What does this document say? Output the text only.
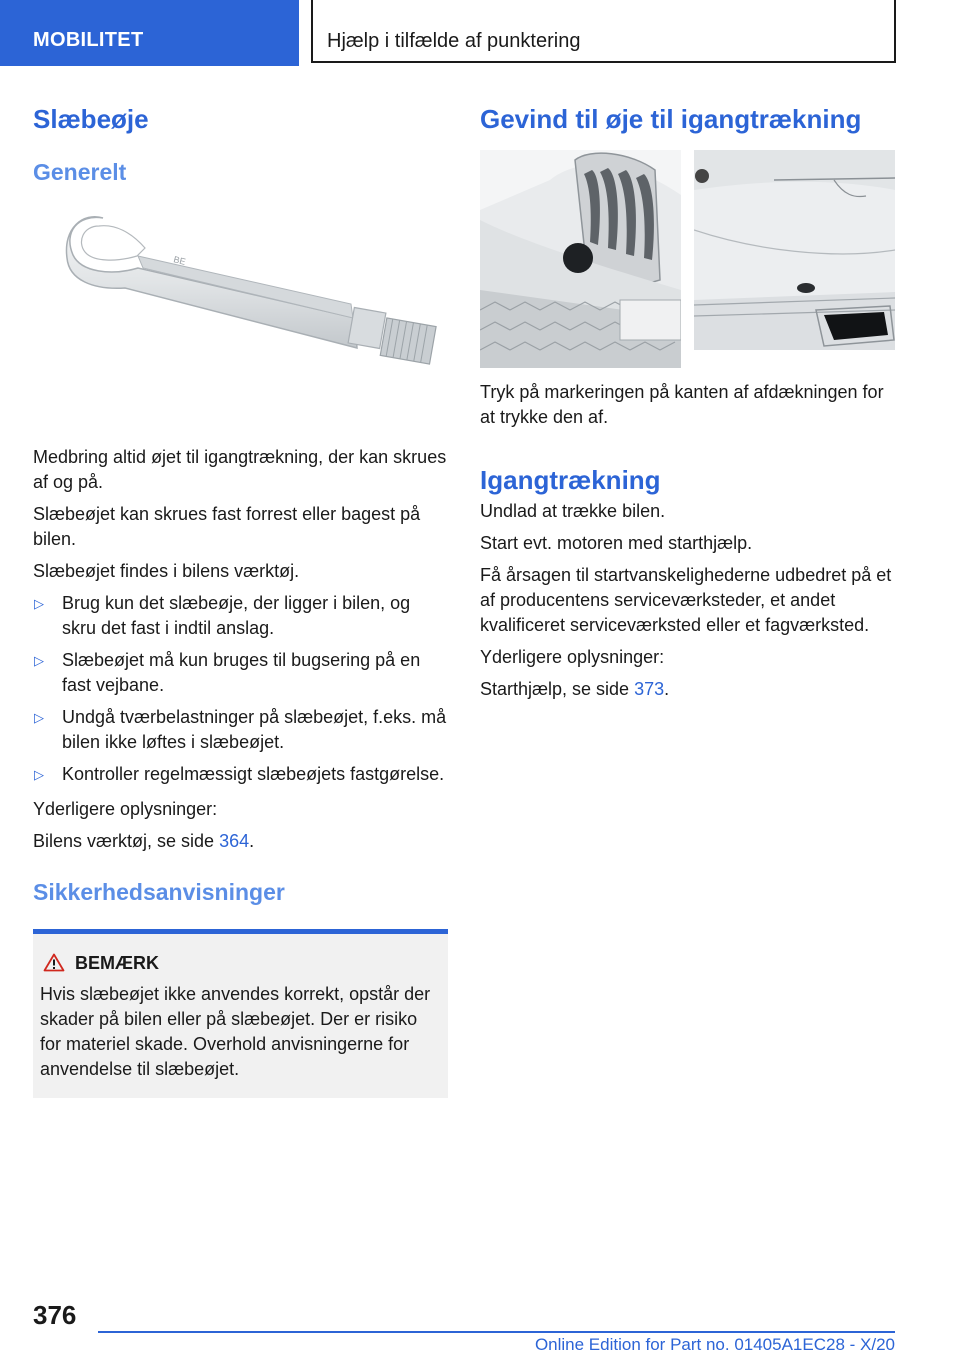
MOBILITET	Hjælp i tilfælde af punktering
Slæbeøje
Generelt
BE

Medbring altid øjet til igangtrækning, der kan skrues af og på.

Slæbeøjet kan skrues fast forrest eller bagest på bilen.

Slæbeøjet findes i bilens værktøj.

▷ Brug kun det slæbeøje, der ligger i bilen, og skru det fast i indtil anslag.
▷ Slæbeøjet må kun bruges til bugsering på en fast vejbane.
▷ Undgå tværbelastninger på slæbeøjet, f.eks. må bilen ikke løftes i slæbeøjet.
▷ Kontroller regelmæssigt slæbeøjets fastgørelse.

Yderligere oplysninger:

Bilens værktøj, se side 364.

Sikkerhedsanvisninger
BEMÆRK

Hvis slæbeøjet ikke anvendes korrekt, opstår der skader på bilen eller på slæbeøjet. Der er risiko for materiel skade. Overhold anvisningerne for anvendelse til slæbeøjet.

Gevind til øje til igangtrækning

Tryk på markeringen på kanten af afdækningen for at trykke den af.

Igangtrækning

Undlad at trække bilen.

Start evt. motoren med starthjælp.

Få årsagen til startvanskelighederne udbedret på et af producentens serviceværksteder, et andet kvalificeret serviceværksted eller et fagværksted.

Yderligere oplysninger:

Starthjælp, se side 373.

376
Online Edition for Part no. 01405A1EC28 - X/20
